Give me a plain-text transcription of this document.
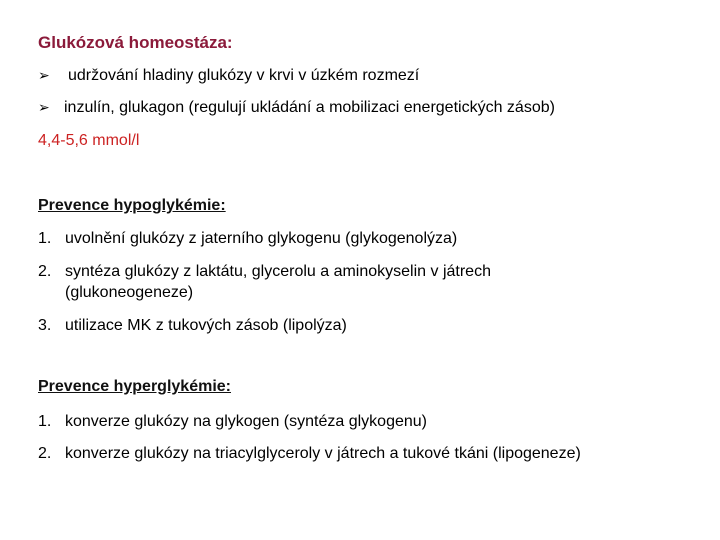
Glukózová homeostáza:
➢ udržování hladiny glukózy v krvi v úzkém rozmezí
➢ inzulín, glukagon (regulují ukládání a mobilizaci energetických zásob)
4,4-5,6 mmol/l
Prevence hypoglykémie:
1. uvolnění glukózy z jaterního glykogenu (glykogenolýza)
2. syntéza glukózy z laktátu, glycerolu a aminokyselin v játrech
(glukoneogeneze)
3. utilizace MK z tukových zásob (lipolýza)
Prevence hyperglykémie:
1. konverze glukózy na glykogen (syntéza glykogenu)
2. konverze glukózy na triacylglyceroly v játrech a tukové tkáni (lipogeneze)
